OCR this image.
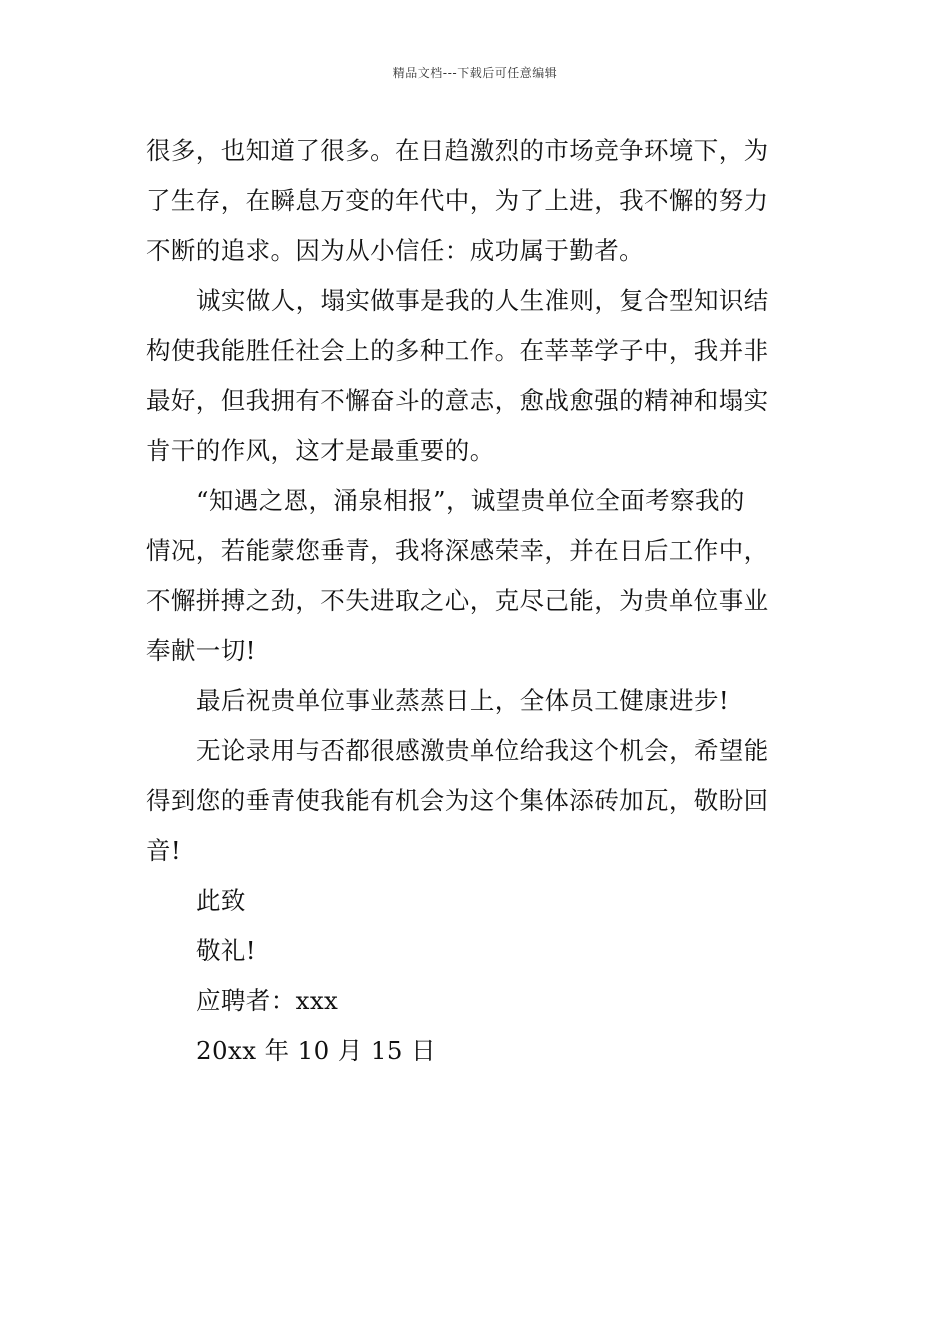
精品文档---下载后可任意编辑
很多，也知道了很多。在日趋激烈的市场竞争环境下，为
了生存，在瞬息万变的年代中，为了上进，我不懈的努力
不断的追求。因为从小信任：成功属于勤者。
诚实做人，塌实做事是我的人生准则，复合型知识结
构使我能胜任社会上的多种工作。在莘莘学子中，我并非
最好，但我拥有不懈奋斗的意志，愈战愈强的精神和塌实
肯干的作风，这才是最重要的。
“知遇之恩，涌泉相报”，诚望贵单位全面考察我的
情况，若能蒙您垂青，我将深感荣幸，并在日后工作中，
不懈拼搏之劲，不失进取之心，克尽己能，为贵单位事业
奉献一切!
最后祝贵单位事业蒸蒸日上，全体员工健康进步!
无论录用与否都很感激贵单位给我这个机会，希望能
得到您的垂青使我能有机会为这个集体添砖加瓦，敬盼回
音!
此致
敬礼!
应聘者：xxx
20xx 年 10 月 15 日
